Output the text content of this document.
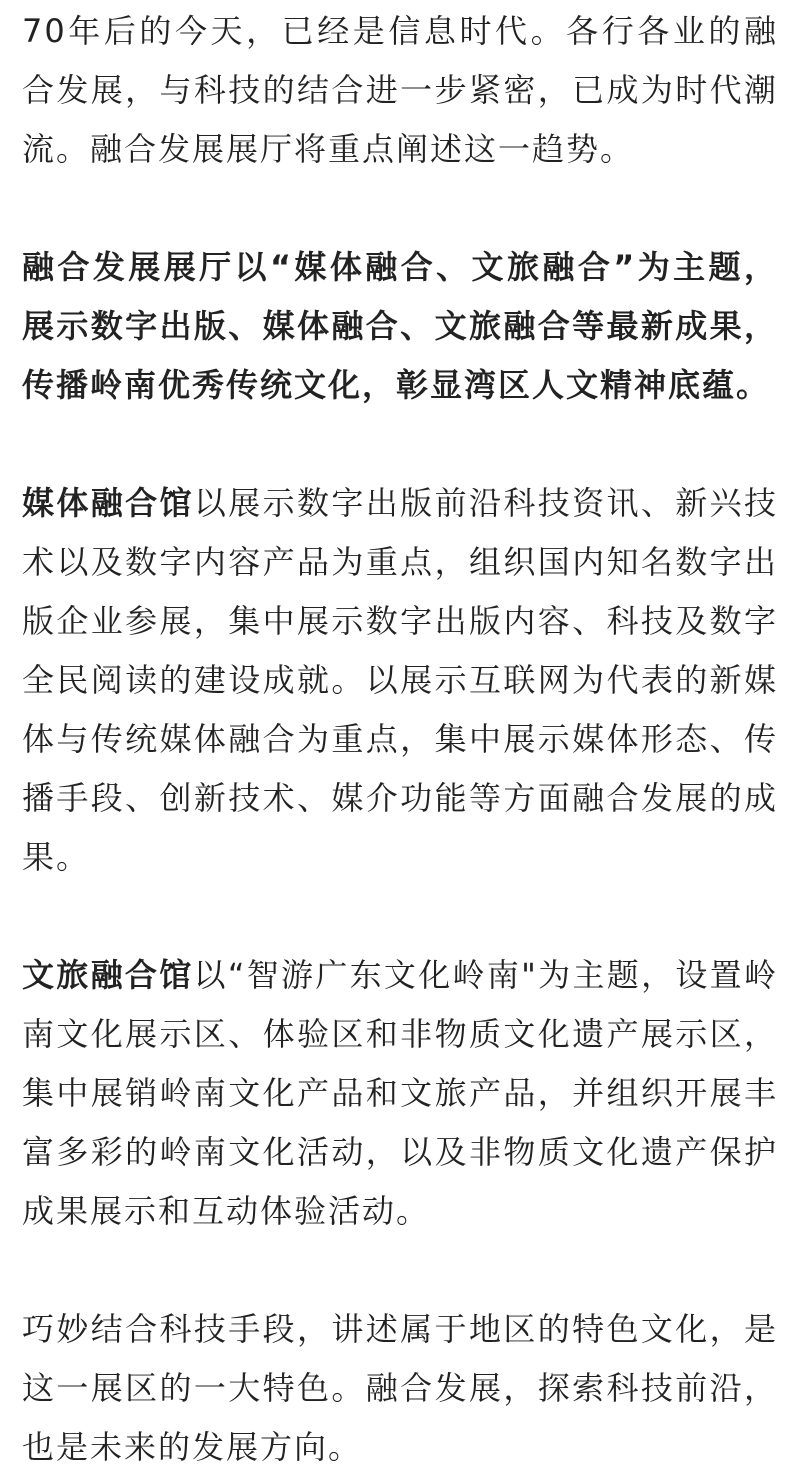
70年后的今天，已经是信息时代。各行各业的融合发展，与科技的结合进一步紧密，已成为时代潮流。融合发展展厅将重点阐述这一趋势。

融合发展展厅以“媒体融合、文旅融合”为主题，展示数字出版、媒体融合、文旅融合等最新成果，传播岭南优秀传统文化，彰显湾区人文精神底蕴。

媒体融合馆以展示数字出版前沿科技资讯、新兴技术以及数字内容产品为重点，组织国内知名数字出版企业参展，集中展示数字出版内容、科技及数字全民阅读的建设成就。以展示互联网为代表的新媒体与传统媒体融合为重点，集中展示媒体形态、传播手段、创新技术、媒介功能等方面融合发展的成果。

文旅融合馆以“智游广东文化岭南"为主题，设置岭南文化展示区、体验区和非物质文化遗产展示区，集中展销岭南文化产品和文旅产品，并组织开展丰富多彩的岭南文化活动，以及非物质文化遗产保护成果展示和互动体验活动。

巧妙结合科技手段，讲述属于地区的特色文化，是这一展区的一大特色。融合发展，探索科技前沿，也是未来的发展方向。
